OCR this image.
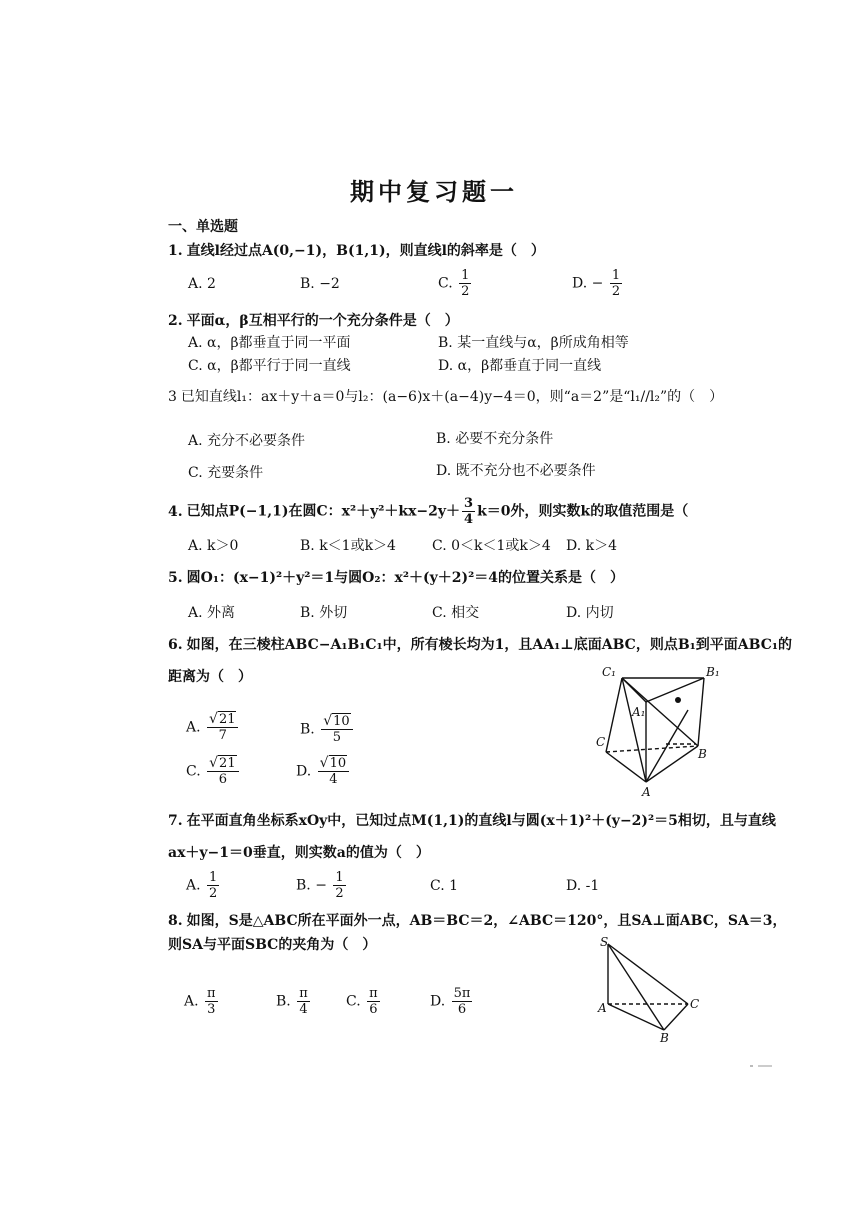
期中复习题一
一、单选题
1. 直线l经过点A(0,−1)，B(1,1)，则直线l的斜率是（　）
A. 2	B. −2	C. $\frac{1}{2}$	D. − $\frac{1}{2}$
2. 平面α，β互相平行的一个充分条件是（　）
A. α，β都垂直于同一平面	B. 某一直线与α，β所成角相等
C. α，β都平行于同一直线	D. α，β都垂直于同一直线
3 已知直线l₁：ax＋y＋a＝0与l₂：(a−6)x＋(a−4)y−4＝0，则“a＝2”是“l₁//l₂”的（　）
A. 充分不必要条件	B. 必要不充分条件
C. 充要条件	D. 既不充分也不必要条件
4. 已知点P(−1,1)在圆C：$x^2+y^2+kx-2y+ \frac{3}{4} k=0$外，则实数k的取值范围是（
A. k＞0	B. k＜1或k＞4	C. 0＜k＜1或k＞4 D. k＞4
5. 圆O₁：(x−1)²＋y²＝1与圆O₂：x²＋(y＋2)²＝4的位置关系是（　）
A. 外离	B. 外切	C. 相交	D. 内切
6. 如图，在三棱柱ABC−A₁B₁C₁中，所有棱长均为1，且AA₁⊥底面ABC，则点B₁到平面ABC₁的
距离为（　）
A. $\frac{√21}{7}$	B. $\frac{√10}{5}$
C. $\frac{√21}{6}$	D. $\frac{√10}{4}$
C₁	B₁
A₁
C
B
A
7. 在平面直角坐标系xOy中，已知过点M(1,1)的直线l与圆(x＋1)²＋(y−2)²＝5相切，且与直线
ax＋y−1＝0垂直，则实数a的值为（　）
A. $\frac{1}{2}$	B. − $\frac{1}{2}$	C. 1	D. -1
8. 如图，S是△ABC所在平面外一点，AB＝BC＝2，∠ABC＝120°，且SA⊥面ABC，SA＝3，
则SA与平面SBC的夹角为（　）
A. $\frac{\pi}{3}$	B. $\frac{\pi}{4}$	C. $\frac{\pi}{6}$	D. $\frac{5\pi}{6}$
S
A	C
B
